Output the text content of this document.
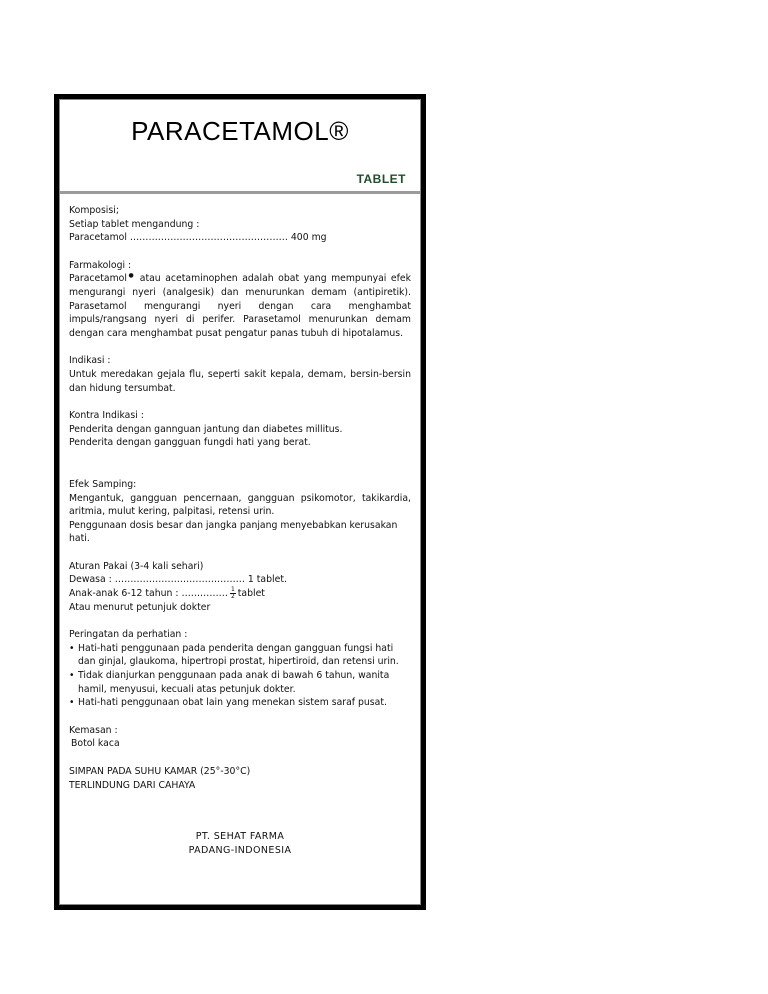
PARACETAMOL®
TABLET
Komposisi;
Setiap tablet mengandung :
Paracetamol
……………………………………………
400 mg
Farmakologi :
Paracetamol● atau acetaminophen adalah obat yang mempunyai efek mengurangi nyeri (analgesik) dan menurunkan demam (antipiretik). Parasetamol mengurangi nyeri dengan cara menghambat impuls/rangsang nyeri di perifer. Parasetamol menurunkan demam dengan cara menghambat pusat pengatur panas tubuh di hipotalamus.
Indikasi :
Untuk meredakan gejala flu, seperti sakit kepala, demam, bersin-bersin dan hidung tersumbat.
Kontra Indikasi :
Penderita dengan gannguan jantung dan diabetes millitus.
Penderita dengan gangguan fungdi hati yang berat.
Efek Samping:
Mengantuk, gangguan pencernaan, gangguan psikomotor, takikardia, aritmia, mulut kering, palpitasi, retensi urin.
Penggunaan dosis besar dan jangka panjang menyebabkan kerusakan hati.
Aturan Pakai (3-4 kali sehari)
Dewasa :
……………………………………
1 tablet.
Anak-anak 6-12 tahun :
…………… $\frac{1}{2}$ tablet
Atau menurut petunjuk dokter
Peringatan da perhatian :
• Hati-hati penggunaan pada penderita dengan gangguan fungsi hati dan ginjal, glaukoma, hipertropi prostat, hipertiroid, dan retensi urin.
• Tidak dianjurkan penggunaan pada anak di bawah 6 tahun, wanita hamil, menyusui, kecuali atas petunjuk dokter.
• Hati-hati penggunaan obat lain yang menekan sistem saraf pusat.
Kemasan :
Botol kaca
SIMPAN PADA SUHU KAMAR (25°-30°C)
TERLINDUNG DARI CAHAYA
PT. SEHAT FARMA
PADANG-INDONESIA
